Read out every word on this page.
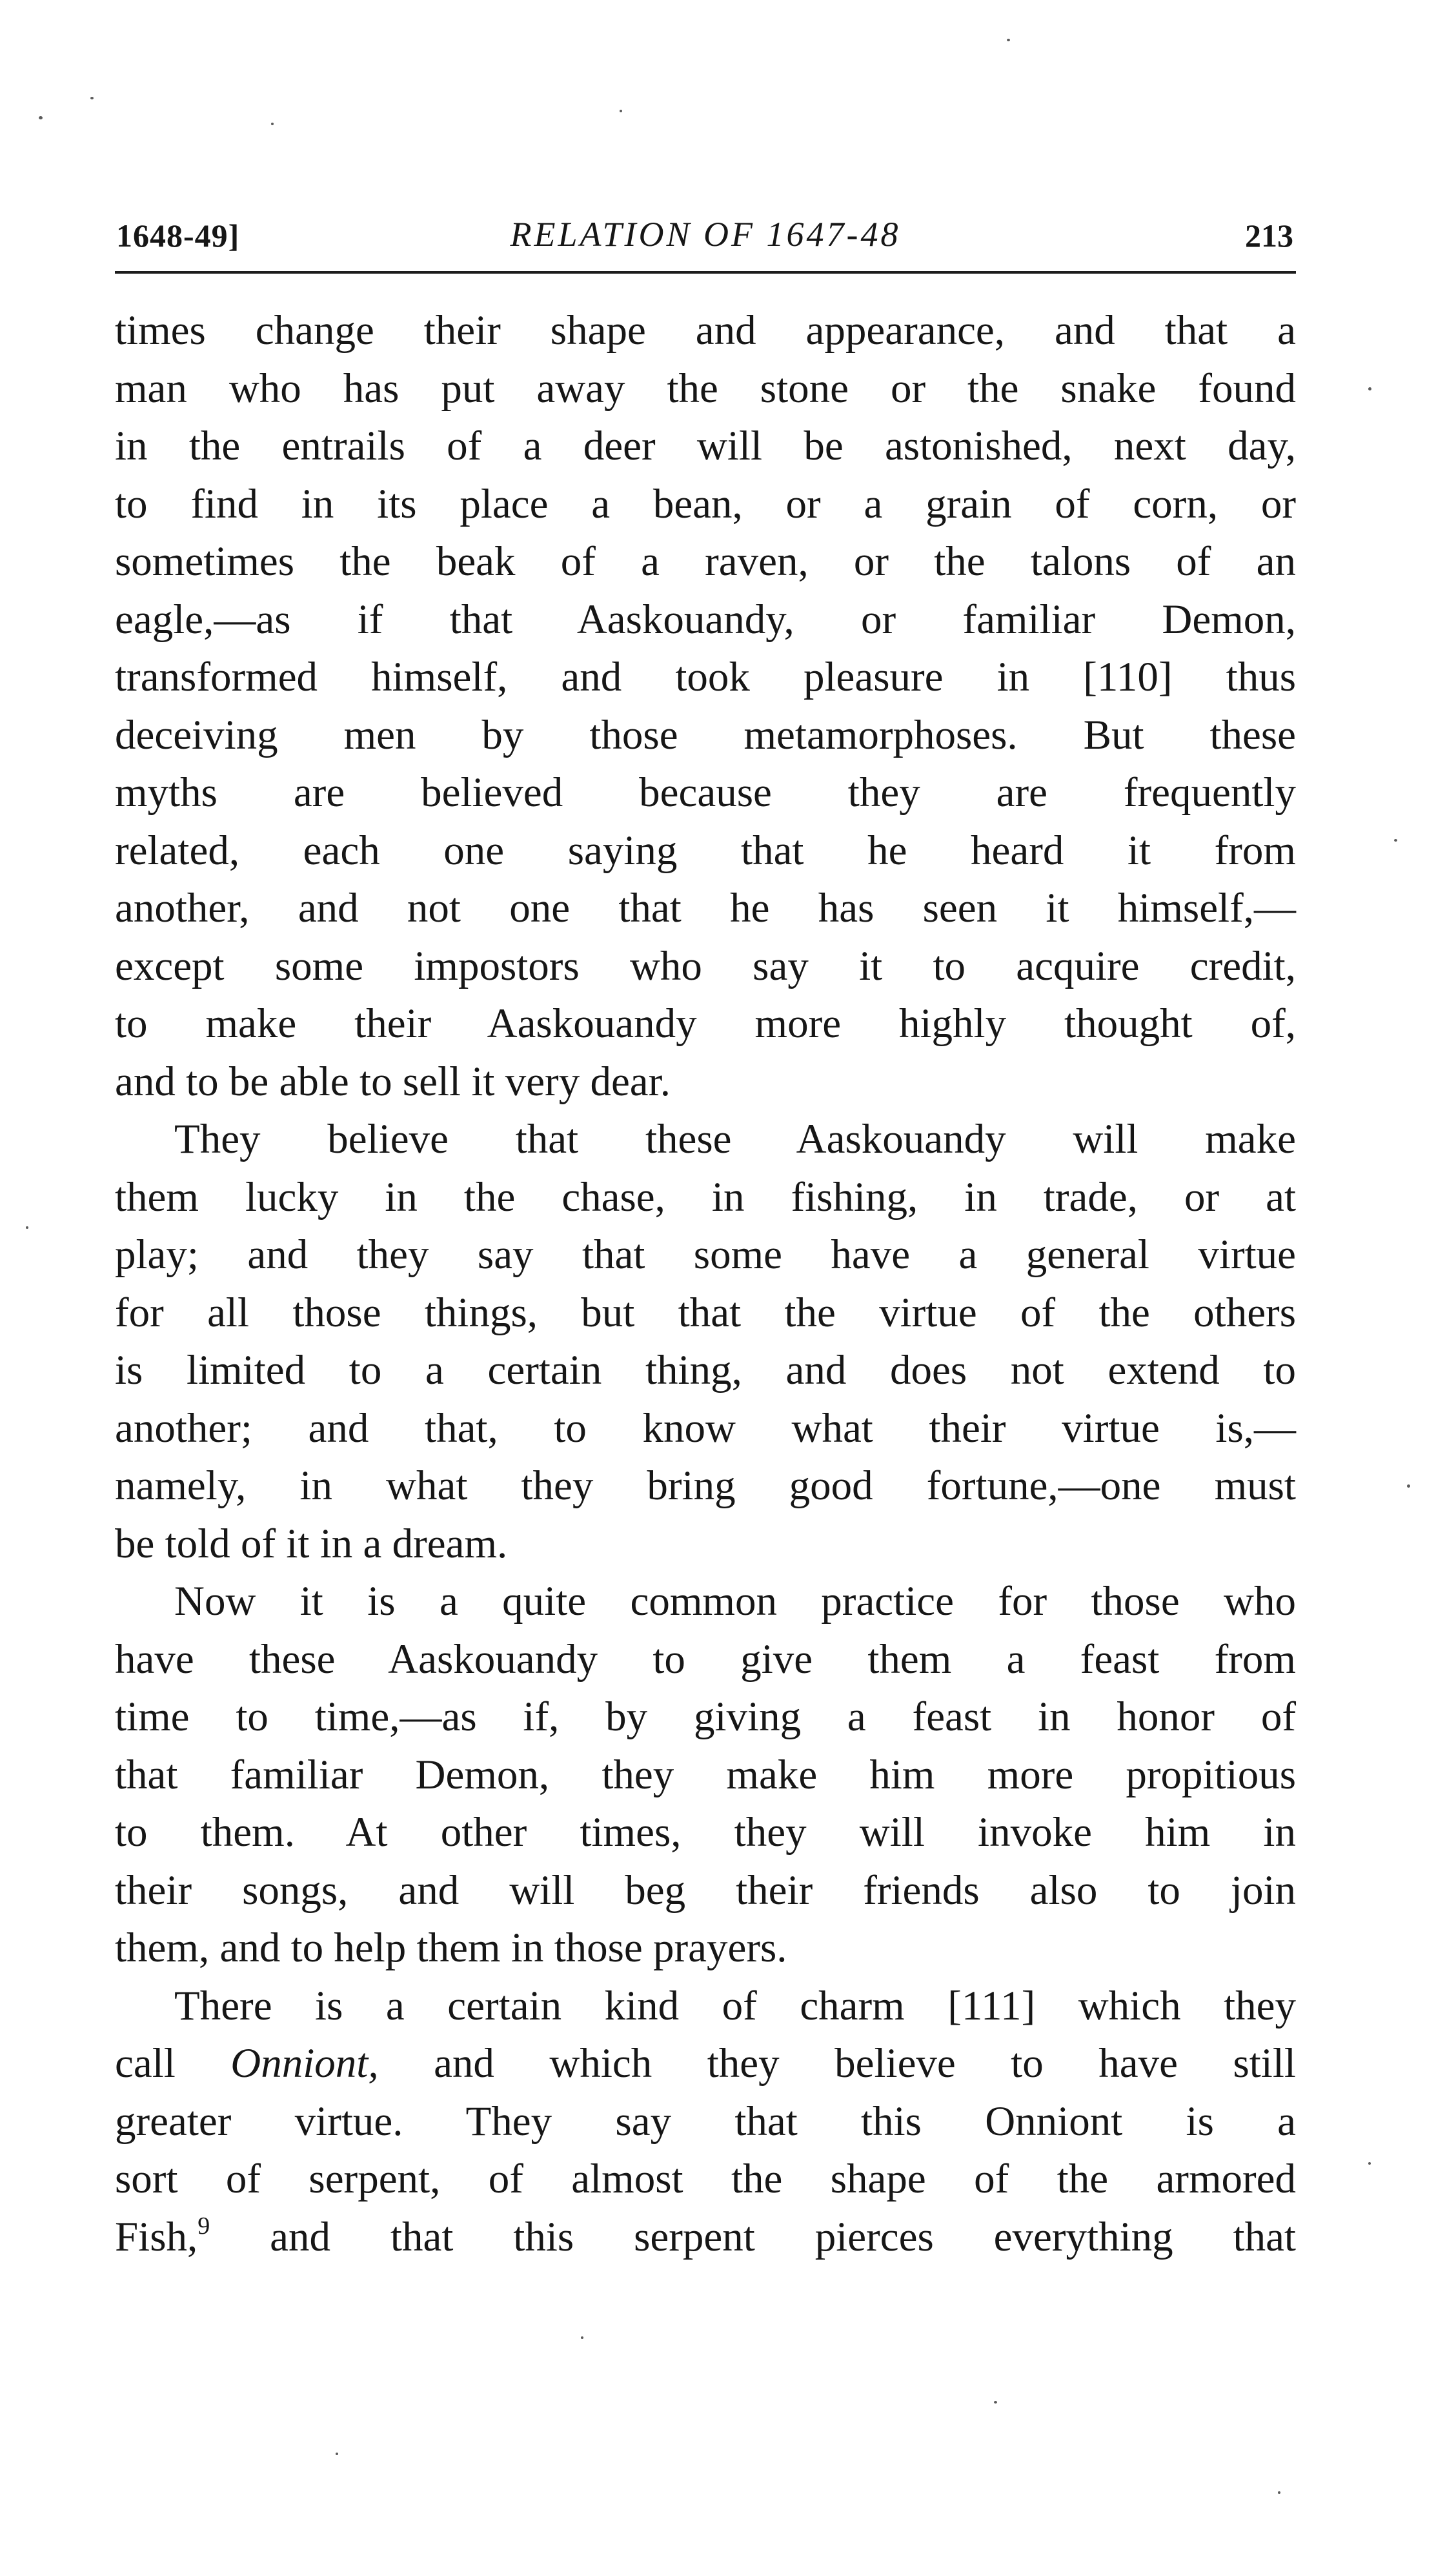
1648-49]	RELATION OF 1647-48	213
times change their shape and appearance, and that a
man who has put away the stone or the snake found
in the entrails of a deer will be astonished, next day,
to find in its place a bean, or a grain of corn, or
sometimes the beak of a raven, or the talons of an
eagle,—as if that Aaskouandy, or familiar Demon,
transformed himself, and took pleasure in [110] thus
deceiving men by those metamorphoses. But these
myths are believed because they are frequently
related, each one saying that he heard it from
another, and not one that he has seen it himself,—
except some impostors who say it to acquire credit,
to make their Aaskouandy more highly thought of,
and to be able to sell it very dear.
They believe that these Aaskouandy will make
them lucky in the chase, in fishing, in trade, or at
play; and they say that some have a general virtue
for all those things, but that the virtue of the others
is limited to a certain thing, and does not extend to
another; and that, to know what their virtue is,—
namely, in what they bring good fortune,—one must
be told of it in a dream.
Now it is a quite common practice for those who
have these Aaskouandy to give them a feast from
time to time,—as if, by giving a feast in honor of
that familiar Demon, they make him more propitious
to them. At other times, they will invoke him in
their songs, and will beg their friends also to join
them, and to help them in those prayers.
There is a certain kind of charm [111] which they
call Onniont, and which they believe to have still
greater virtue. They say that this Onniont is a
sort of serpent, of almost the shape of the armored
Fish,$^9$ and that this serpent pierces everything that
